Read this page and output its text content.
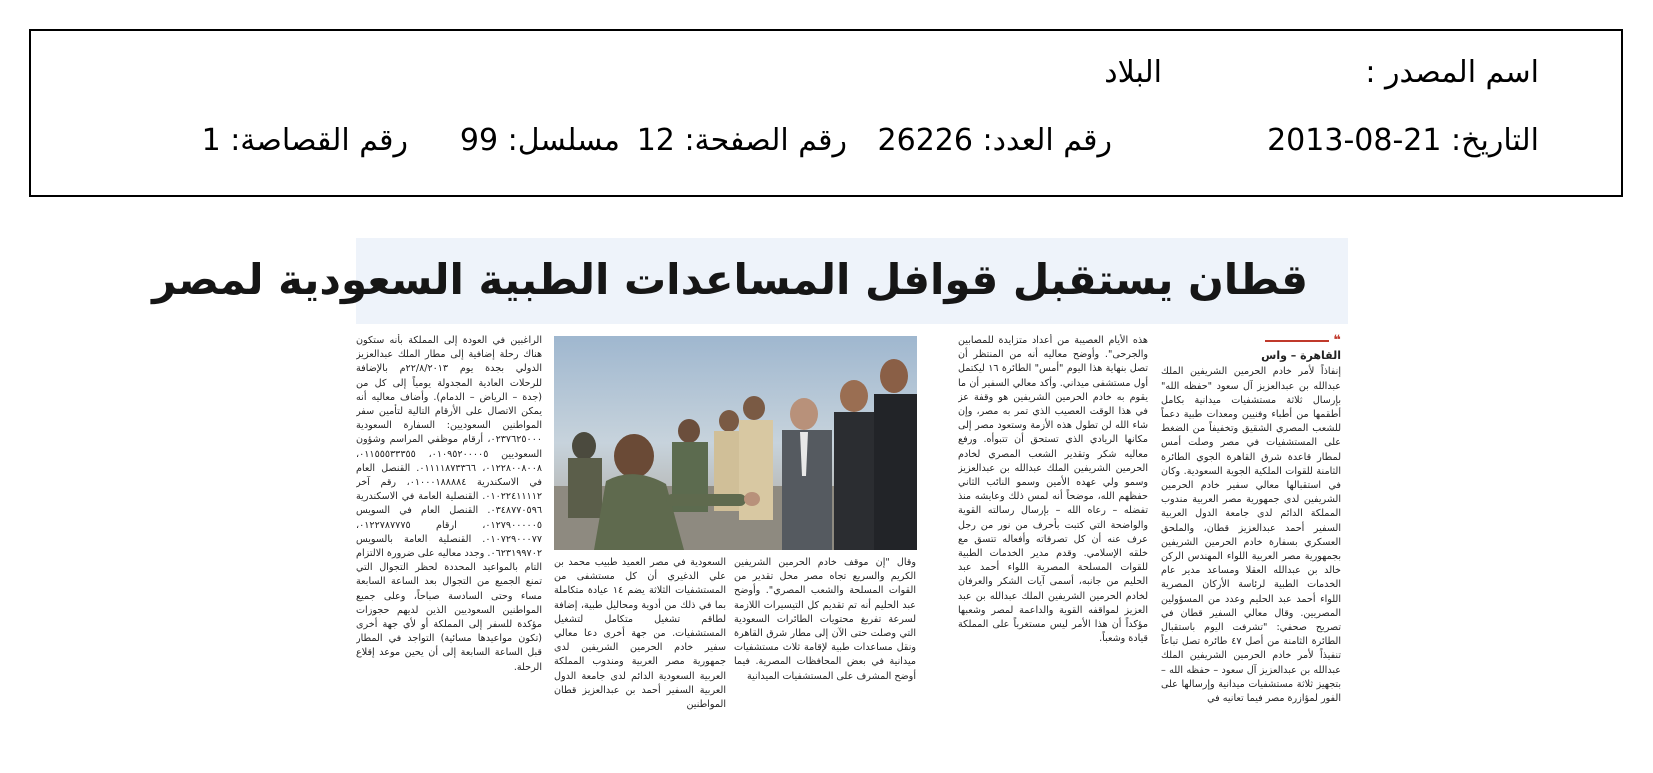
اسم المصدر :
البلاد
التاريخ: 21-08-2013
رقم العدد: 26226
رقم الصفحة: 12
مسلسل: 99
رقم القصاصة: 1
قطان يستقبل قوافل المساعدات الطبية السعودية لمصر
❝
القاهرة – واس

إنفاذاً لأمر خادم الحرمين الشريفين الملك عبدالله بن عبدالعزيز آل سعود "حفظه الله" بإرسال ثلاثة مستشفيات ميدانية بكامل أطقمها من أطباء وفنيين ومعدات طبية دعماً للشعب المصري الشقيق وتخفيفاً من الضغط على المستشفيات في مصر وصلت أمس لمطار قاعدة شرق القاهرة الجوي الطائرة الثامنة للقوات الملكية الجوية السعودية. وكان في استقبالها معالي سفير خادم الحرمين الشريفين لدى جمهورية مصر العربية مندوب المملكة الدائم لدى جامعة الدول العربية السفير أحمد عبدالعزيز قطان، والملحق العسكري بسفارة خادم الحرمين الشريفين بجمهورية مصر العربية اللواء المهندس الركن خالد بن عبدالله العقلا ومساعد مدير عام الخدمات الطبية لرئاسة الأركان المصرية اللواء أحمد عبد الحليم وعدد من المسؤولين المصريين. وقال معالي السفير قطان في تصريح صحفي: "تشرفت اليوم باستقبال الطائرة الثامنة من أصل ٤٧ طائرة تصل تباعاً تنفيذاً لأمر خادم الحرمين الشريفين الملك عبدالله بن عبدالعزيز آل سعود – حفظه الله – بتجهيز ثلاثة مستشفيات ميدانية وإرسالها على الفور لمؤازرة مصر فيما تعانيه في

هذه الأيام العصيبة من أعداد متزايدة للمصابين والجرحى". وأوضح معاليه أنه من المنتظر أن تصل بنهاية هذا اليوم "أمس" الطائرة ١٦ ليكتمل أول مستشفى ميداني. وأكد معالي السفير أن ما يقوم به خادم الحرمين الشريفين هو وقفة عز في هذا الوقت العصيب الذي تمر به مصر، وإن شاء الله لن تطول هذه الأزمة وستعود مصر إلى مكانها الريادي الذي تستحق أن تتبوأه. ورفع معاليه شكر وتقدير الشعب المصري لخادم الحرمين الشريفين الملك عبدالله بن عبدالعزيز وسمو ولي عهده الأمين وسمو النائب الثاني حفظهم الله، موضحاً أنه لمس ذلك وعايشه منذ تفضله – رعاه الله – بإرسال رسالته القوية والواضحة التي كتبت بأحرف من نور من رجل عرف عنه أن كل تصرفاته وأفعاله تتسق مع خلقه الإسلامي. وقدم مدير الخدمات الطبية للقوات المسلحة المصرية اللواء أحمد عبد الحليم من جانبه، أسمى آيات الشكر والعرفان لخادم الحرمين الشريفين الملك عبدالله بن عبد العزيز لمواقفه القوية والداعمة لمصر وشعبها مؤكداً أن هذا الأمر ليس مستغرباً على المملكة قيادة وشعباً.

وقال "إن موقف خادم الحرمين الشريفين الكريم والسريع تجاه مصر محل تقدير من القوات المسلحة والشعب المصري". وأوضح عبد الحليم أنه تم تقديم كل التيسيرات اللازمة لسرعة تفريغ محتويات الطائرات السعودية التي وصلت حتى الآن إلى مطار شرق القاهرة ونقل مساعدات طبية لإقامة ثلاث مستشفيات ميدانية في بعض المحافظات المصرية. فيما أوضح المشرف على المستشفيات الميدانية

السعودية في مصر العميد طبيب محمد بن علي الدغيري أن كل مستشفى من المستشفيات الثلاثة يضم ١٤ عيادة متكاملة بما في ذلك من أدوية ومحاليل طبية، إضافة لطاقم تشغيل متكامل لتشغيل المستشفيات. من جهة أخرى دعا معالي سفير خادم الحرمين الشريفين لدى جمهورية مصر العربية ومندوب المملكة العربية السعودية الدائم لدى جامعة الدول العربية السفير أحمد بن عبدالعزيز قطان المواطنين

الراغبين في العودة إلى المملكة بأنه ستكون هناك رحلة إضافية إلى مطار الملك عبدالعزيز الدولي بجدة يوم ٢٢/٨/٢٠١٣م بالإضافة للرحلات العادية المجدولة يومياً إلى كل من (جدة – الرياض – الدمام). وأضاف معاليه أنه يمكن الاتصال على الأرقام التالية لتأمين سفر المواطنين السعوديين: السفارة السعودية ٠٢٣٧٦٢٥٠٠٠، أرقام موظفي المراسم وشؤون السعوديين ٠١٠٩٥٢٠٠٠٠٥، ٠١١٥٥٥٣٣٣٥٥، ٠١٢٢٨٠٠٨٠٠٨، ٠١١١١٨٧٣٣٦٦. القنصل العام في الاسكندرية ٠١٠٠٠١٨٨٨٨٤، رقم آخر ٠١٠٢٢٤١١١١٢. القنصلية العامة في الاسكندرية ٠٣٤٨٧٧٠٥٩٦. القنصل العام في السويس ٠١٢٧٩٠٠٠٠٠٥، ارقام ٠١٢٢٧٨٧٧٧٥، ٠١٠٧٢٩٠٠٠٧٧. القنصلية العامة بالسويس ٠٦٢٣١٩٩٧٠٢. وجدد معاليه على ضرورة الالتزام التام بالمواعيد المحددة لحظر التجوال التي تمنع الجميع من التجوال بعد الساعة السابعة مساء وحتى السادسة صباحاً، وعلى جميع المواطنين السعوديين الذين لديهم حجوزات مؤكدة للسفر إلى المملكة أو لأي جهة أخرى (تكون مواعيدها مسائية) التواجد في المطار قبل الساعة السابعة إلى أن يحين موعد إقلاع الرحلة.
